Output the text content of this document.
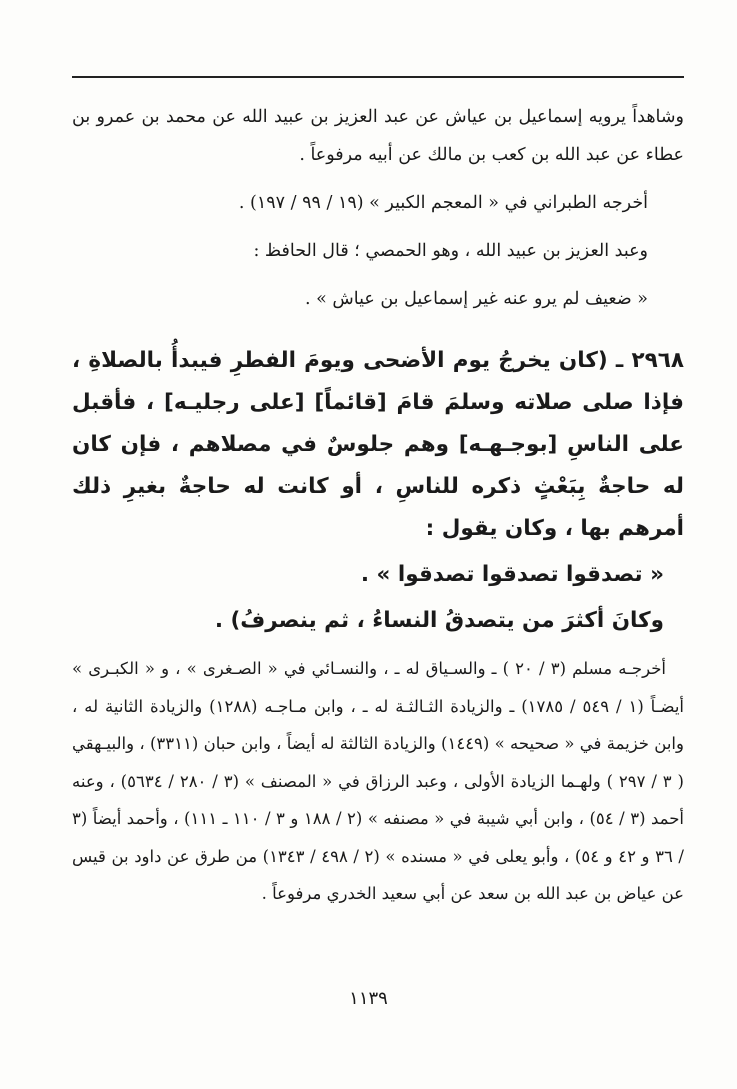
وشاهداً يرويه إسماعيل بن عياش عن عبد العزيز بن عبيد الله عن محمد بن عمرو بن عطاء عن عبد الله بن كعب بن مالك عن أبيه مرفوعاً .

أخرجه الطبراني في « المعجم الكبير » (١٩ / ٩٩ / ١٩٧) .

وعبد العزيز بن عبيد الله ، وهو الحمصي ؛ قال الحافظ :

« ضعيف لم يرو عنه غير إسماعيل بن عياش » .

٢٩٦٨ ـ (كان يخرجُ يوم الأضحى ويومَ الفطرِ فيبدأُ بالصلاةِ ، فإذا صلى صلاته وسلمَ قامَ [قائماً] [على رجليـه] ، فأقبل على الناسِ [بوجـهـه] وهم جلوسٌ في مصلاهم ، فإن كان له حاجةٌ بِبَعْثٍ ذكره للناسِ ، أو كانت له حاجةٌ بغيرِ ذلك أمرهم بها ، وكان يقول :

« تصدقوا تصدقوا تصدقوا » .

وكانَ أكثرَ من يتصدقُ النساءُ ، ثم ينصرفُ) .

أخرجـه مسلم (٣ / ٢٠ ) ـ والسـياق له ـ ، والنسـائي في « الصـغرى » ، و « الكبـرى » أيضـاً (١ / ٥٤٩ / ١٧٨٥) ـ والزيادة الثـالثـة له ـ ، وابن مـاجـه (١٢٨٨) والزيادة الثانية له ، وابن خزيمة في « صحيحه » (١٤٤٩) والزيادة الثالثة له أيضاً ، وابن حبان (٣٣١١) ، والبيـهقي ( ٣ / ٢٩٧ ) ولهـما الزيادة الأولى ، وعبد الرزاق في « المصنف » (٣ / ٢٨٠ / ٥٦٣٤) ، وعنه أحمد (٣ / ٥٤) ، وابن أبي شيبة في « مصنفه » (٢ / ١٨٨ و ٣ / ١١٠ ـ ١١١) ، وأحمد أيضاً (٣ / ٣٦ و ٤٢ و ٥٤) ، وأبو يعلى في « مسنده » (٢ / ٤٩٨ / ١٣٤٣) من طرق عن داود بن قيس عن عياض بن عبد الله بن سعد عن أبي سعيد الخدري مرفوعاً .

١١٣٩
